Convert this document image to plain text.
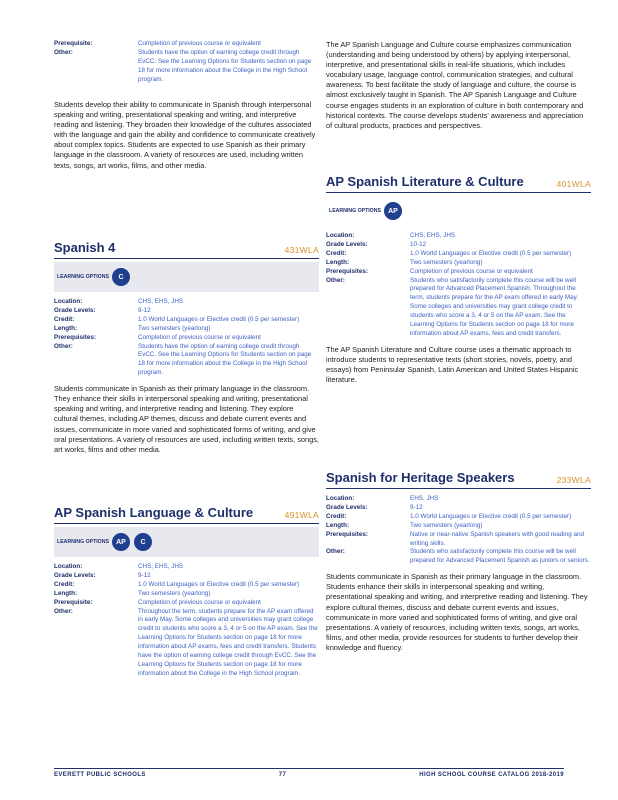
Prerequisite:	Completion of previous course or equivalent
Other:	Students have the option of earning college credit through EvCC. See the Learning Options for Students section on page 18 for more information about the College in the High School program.
Students develop their ability to communicate in Spanish through interpersonal speaking and writing, presentational speaking and writing, and interpretive reading and listening. They broaden their knowledge of the cultures associated with the language and gain the ability and confidence to communicate creatively about complex topics. Students are expected to use Spanish as their primary language in the classroom. A variety of resources are used, including written texts, songs, art works, films, and other media.
Spanish 4	431WLA
LEARNING OPTIONS	C
Location:	CHS, EHS, JHS
Grade Levels:	9-12
Credit:	1.0 World Languages or Elective credit (0.5 per semester)
Length:	Two semesters (yearlong)
Prerequisites:	Completion of previous course or equivalent
Other:	Students have the option of earning college credit through EvCC. See the Learning Options for Students section on page 18 for more information about the College in the High School program.
Students communicate in Spanish as their primary language in the classroom. They enhance their skills in interpersonal speaking and writing, presentational speaking and writing, and interpretive reading and listening. They explore cultural themes, including AP themes, discuss and debate current events and issues, communicate in more varied and sophisticated forms of writing, and give oral presentations. A variety of resources are used, including written texts, songs, art works, films and other media.
AP Spanish Language & Culture	491WLA
LEARNING OPTIONS	AP	C
Location:	CHS, EHS, JHS
Grade Levels:	9-12
Credit:	1.0 World Languages or Elective credit (0.5 per semester)
Length:	Two semesters (yearlong)
Prerequisite:	Completion of previous course or equivalent
Other:	Throughout the term, students prepare for the AP exam offered in early May. Some colleges and universities may grant college credit to students who score a 3, 4 or 5 on the AP exam. See the Learning Options for Students section on page 18 for more information about AP exams, fees and credit transfers. Students have the option of earning college credit through EvCC. See the Learning Options for Students section on page 18 for more information about the College in the High School program.
The AP Spanish Language and Culture course emphasizes communication (understanding and being understood by others) by applying interpersonal, interpretive, and presentational skills in real-life situations, which includes vocabulary usage, language control, communication strategies, and cultural awareness. To best facilitate the study of language and culture, the course is almost exclusively taught in Spanish. The AP Spanish Language and Culture course engages students in an exploration of culture in both contemporary and historical contexts. The course develops students' awareness and appreciation of cultural products, practices and perspectives.
AP Spanish Literature & Culture	401WLA
LEARNING OPTIONS	AP
Location:	CHS, EHS, JHS
Grade Levels:	10-12
Credit:	1.0 World Languages or Elective credit (0.5 per semester)
Length:	Two semesters (yearlong)
Prerequisites:	Completion of previous course or equivalent
Other:	Students who satisfactorily complete this course will be well prepared for Advanced Placement Spanish. Throughout the term, students prepare for the AP exam offered in early May. Some colleges and universities may grant college credit to students who score a 3, 4 or 5 on the AP exam. See the Learning Options for Students section on page 18 for more information about AP exams, fees and credit transfers.
The AP Spanish Literature and Culture course uses a thematic approach to introduce students to representative texts (short stories, novels, poetry, and essays) from Peninsular Spanish, Latin American and United States Hispanic literature.
Spanish for Heritage Speakers	233WLA
Location:	EHS, JHS
Grade Levels:	9-12
Credit:	1.0 World Languages or Elective credit (0.5 per semester)
Length:	Two semesters (yearlong)
Prerequisites:	Native or near-native Spanish speakers with good reading and writing skills.
Other:	Students who satisfactorily complete this course will be well prepared for Advanced Placement Spanish as juniors or seniors.
Students communicate in Spanish as their primary language in the classroom. Students enhance their skills in interpersonal speaking and writing, presentational speaking and writing, and interpretive reading and listening. They explore cultural themes, discuss and debate current events and issues, communicate in more varied and sophisticated forms of writing, and give oral presentations. A variety of resources, including written texts, songs, art works, films, and other media, provide resources for students to further develop their knowledge and fluency.
EVERETT PUBLIC SCHOOLS	77	HIGH SCHOOL COURSE CATALOG 2018-2019
